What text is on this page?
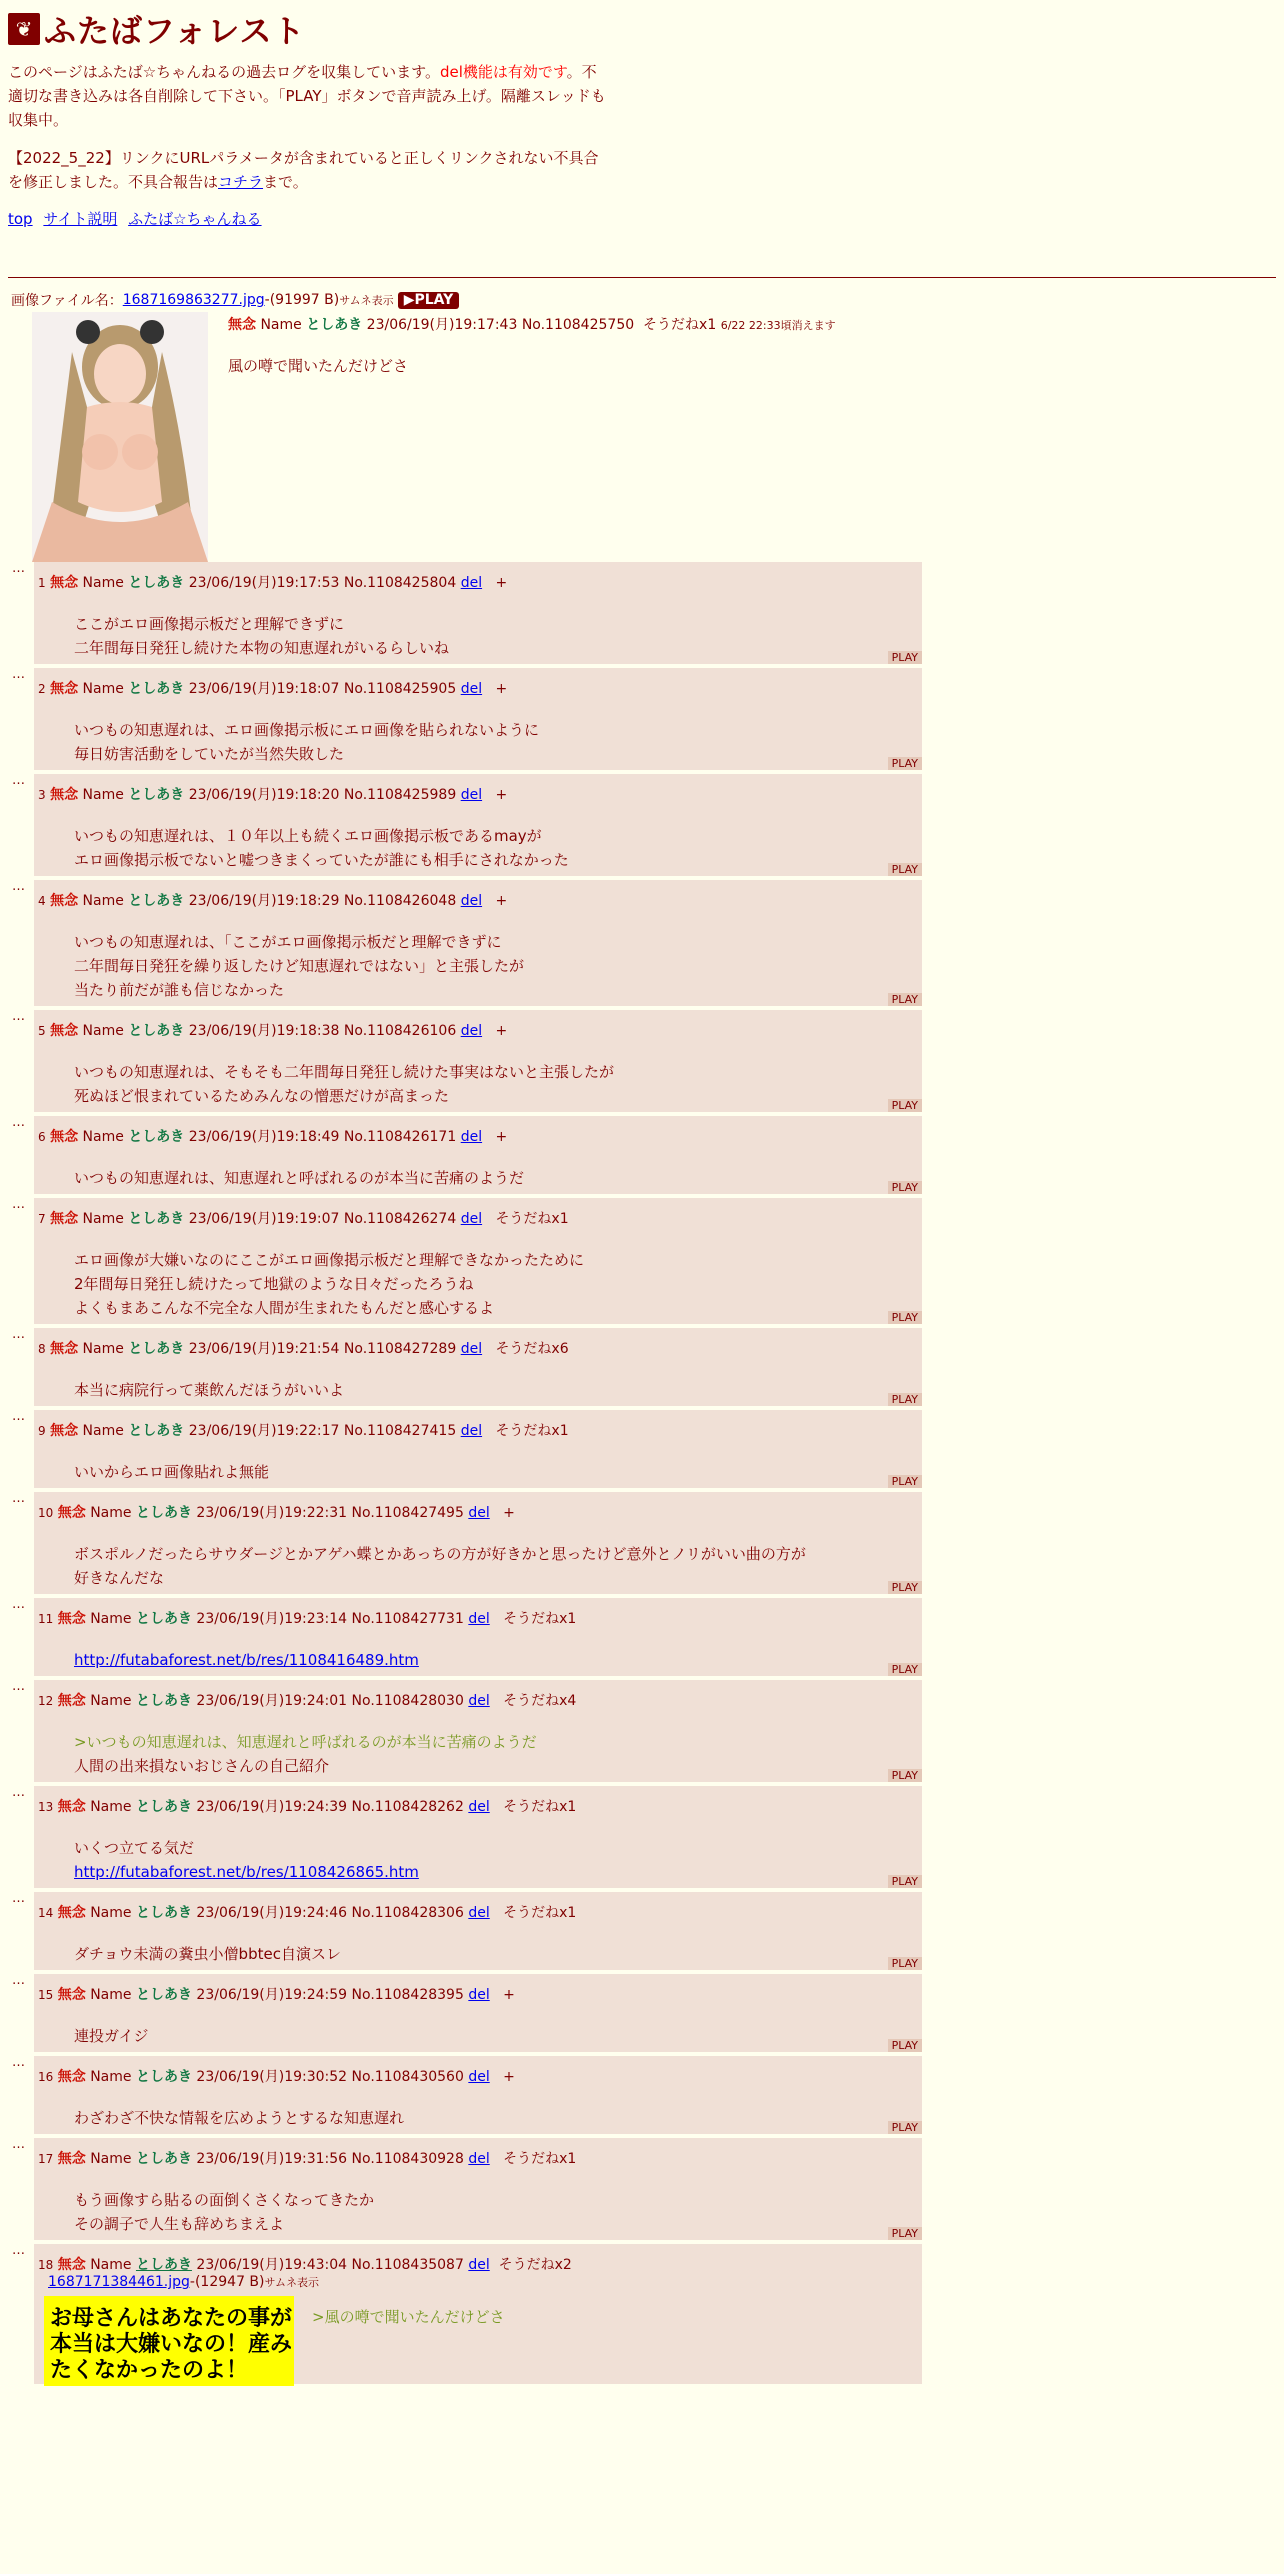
❦ ふたばフォレスト
このページはふたば☆ちゃんねるの過去ログを収集しています。del機能は有効です。不適切な書き込みは各自削除して下さい。「PLAY」ボタンで音声読み上げ。隔離スレッドも収集中。
【2022_5_22】リンクにURLパラメータが含まれていると正しくリンクされない不具合を修正しました。不具合報告はコチラまで。
top サイト説明 ふたば☆ちゃんねる
画像ファイル名： 1687169863277.jpg -(91997 B) サムネ表示 ▶ PLAY
無念 Name としあき 23/06/19(月)19:17:43 No.1108425750 そうだねx1 6/22 22:33頃消えます
風の噂で聞いたんだけどさ
…
1 無念 Name としあき 23/06/19(月)19:17:53 No.1108425804 del +
ここがエロ画像掲示板だと理解できずに
二年間毎日発狂し続けた本物の知恵遅れがいるらしいね
PLAY
…
2 無念 Name としあき 23/06/19(月)19:18:07 No.1108425905 del +
いつもの知恵遅れは、エロ画像掲示板にエロ画像を貼られないように
毎日妨害活動をしていたが当然失敗した
PLAY
…
3 無念 Name としあき 23/06/19(月)19:18:20 No.1108425989 del +
いつもの知恵遅れは、１０年以上も続くエロ画像掲示板であるmayが
エロ画像掲示板でないと嘘つきまくっていたが誰にも相手にされなかった
PLAY
…
4 無念 Name としあき 23/06/19(月)19:18:29 No.1108426048 del +
いつもの知恵遅れは、「ここがエロ画像掲示板だと理解できずに
二年間毎日発狂を繰り返したけど知恵遅れではない」と主張したが
当たり前だが誰も信じなかった
PLAY
…
5 無念 Name としあき 23/06/19(月)19:18:38 No.1108426106 del +
いつもの知恵遅れは、そもそも二年間毎日発狂し続けた事実はないと主張したが
死ぬほど恨まれているためみんなの憎悪だけが高まった
PLAY
…
6 無念 Name としあき 23/06/19(月)19:18:49 No.1108426171 del +
いつもの知恵遅れは、知恵遅れと呼ばれるのが本当に苦痛のようだ
PLAY
…
7 無念 Name としあき 23/06/19(月)19:19:07 No.1108426274 del そうだねx1
エロ画像が大嫌いなのにここがエロ画像掲示板だと理解できなかったために
2年間毎日発狂し続けたって地獄のような日々だったろうね
よくもまあこんな不完全な人間が生まれたもんだと感心するよ
PLAY
…
8 無念 Name としあき 23/06/19(月)19:21:54 No.1108427289 del そうだねx6
本当に病院行って薬飲んだほうがいいよ
PLAY
…
9 無念 Name としあき 23/06/19(月)19:22:17 No.1108427415 del そうだねx1
いいからエロ画像貼れよ無能
PLAY
…
10 無念 Name としあき 23/06/19(月)19:22:31 No.1108427495 del +
ボスポルノだったらサウダージとかアゲハ蝶とかあっちの方が好きかと思ったけど意外とノリがいい曲の方が
好きなんだな
PLAY
…
11 無念 Name としあき 23/06/19(月)19:23:14 No.1108427731 del そうだねx1
http://futabaforest.net/b/res/1108416489.htm
PLAY
…
12 無念 Name としあき 23/06/19(月)19:24:01 No.1108428030 del そうだねx4
>いつもの知恵遅れは、知恵遅れと呼ばれるのが本当に苦痛のようだ
人間の出来損ないおじさんの自己紹介
PLAY
…
13 無念 Name としあき 23/06/19(月)19:24:39 No.1108428262 del そうだねx1
いくつ立てる気だ
http://futabaforest.net/b/res/1108426865.htm
PLAY
…
14 無念 Name としあき 23/06/19(月)19:24:46 No.1108428306 del そうだねx1
ダチョウ未満の糞虫小僧bbtec自演スレ
PLAY
…
15 無念 Name としあき 23/06/19(月)19:24:59 No.1108428395 del +
連投ガイジ
PLAY
…
16 無念 Name としあき 23/06/19(月)19:30:52 No.1108430560 del +
わざわざ不快な情報を広めようとするな知恵遅れ
PLAY
…
17 無念 Name としあき 23/06/19(月)19:31:56 No.1108430928 del そうだねx1
もう画像すら貼るの面倒くさくなってきたか
その調子で人生も辞めちまえよ
PLAY
…
18 無念 Name としあき 23/06/19(月)19:43:04 No.1108435087 del そうだねx2
1687171384461.jpg-(12947 B)サムネ表示
お母さんはあなたの事が本当は大嫌いなの！産みたくなかったのよ！
>風の噂で聞いたんだけどさ
